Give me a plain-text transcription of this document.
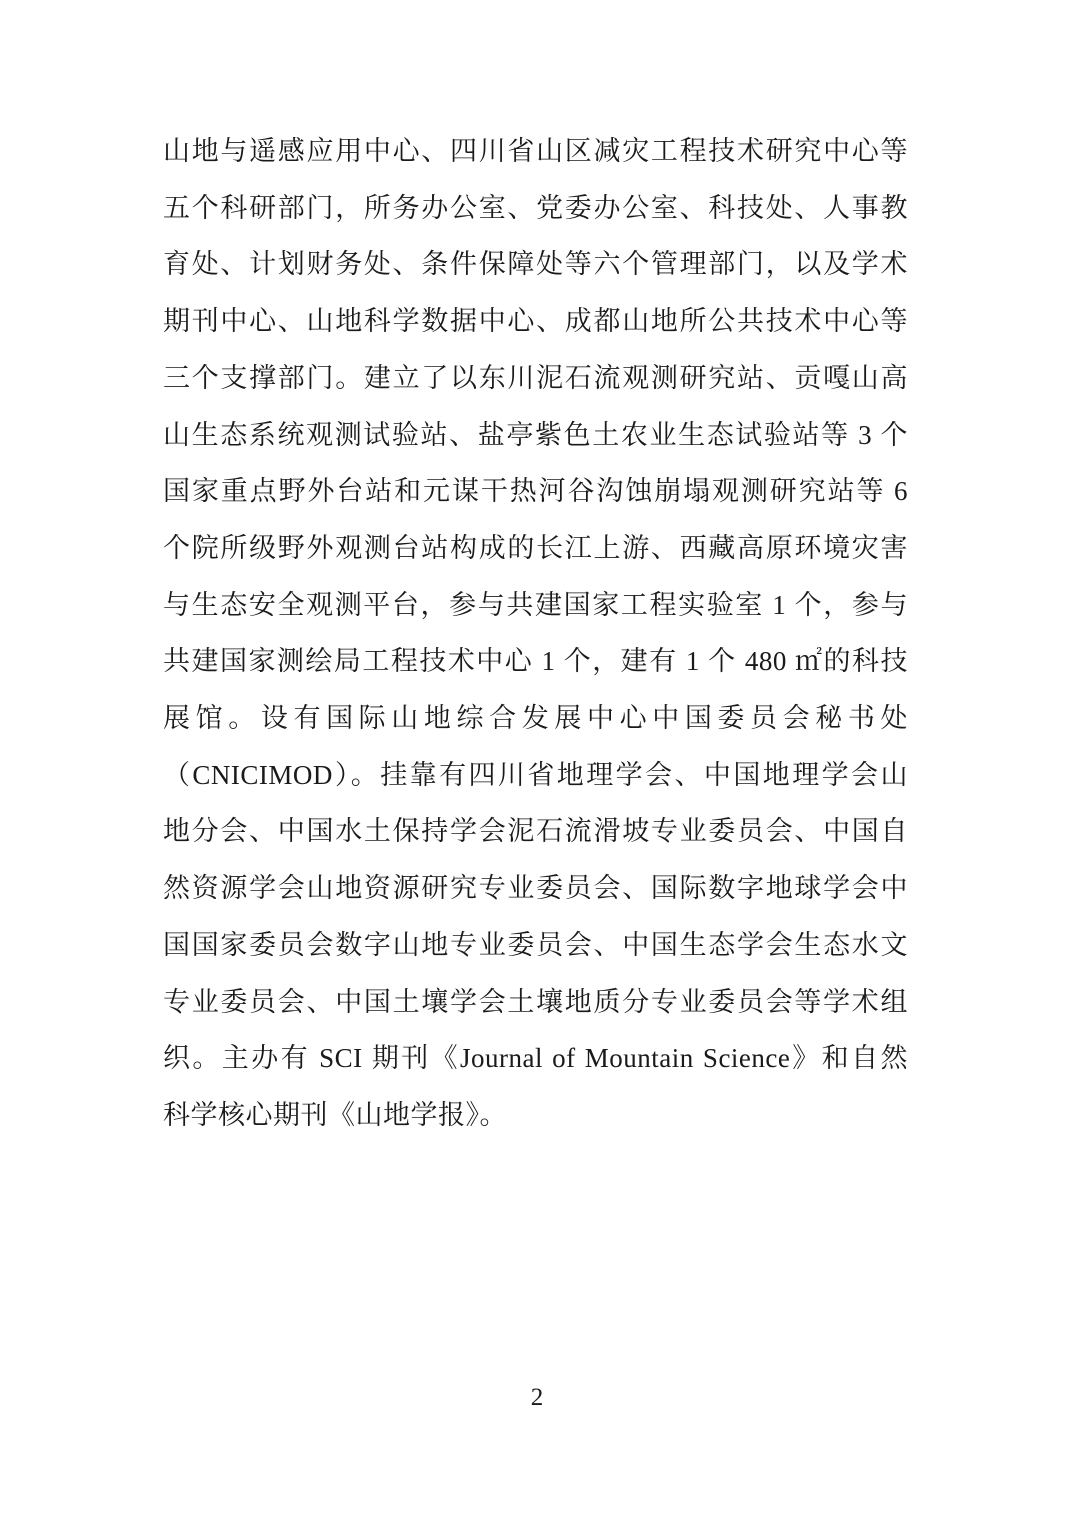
山地与遥感应用中心、四川省山区减灾工程技术研究中心等
五个科研部门，所务办公室、党委办公室、科技处、人事教
育处、计划财务处、条件保障处等六个管理部门，以及学术
期刊中心、山地科学数据中心、成都山地所公共技术中心等
三个支撑部门。建立了以东川泥石流观测研究站、贡嘎山高
山生态系统观测试验站、盐亭紫色土农业生态试验站等 3 个
国家重点野外台站和元谋干热河谷沟蚀崩塌观测研究站等 6
个院所级野外观测台站构成的长江上游、西藏高原环境灾害
与生态安全观测平台，参与共建国家工程实验室 1 个，参与
共建国家测绘局工程技术中心 1 个，建有 1 个 480 ㎡的科技
展馆。设有国际山地综合发展中心中国委员会秘书处
（CNICIMOD）。挂靠有四川省地理学会、中国地理学会山
地分会、中国水土保持学会泥石流滑坡专业委员会、中国自
然资源学会山地资源研究专业委员会、国际数字地球学会中
国国家委员会数字山地专业委员会、中国生态学会生态水文
专业委员会、中国土壤学会土壤地质分专业委员会等学术组
织。主办有 SCI 期刊《Journal of Mountain Science》和自然
科学核心期刊《山地学报》。
2
